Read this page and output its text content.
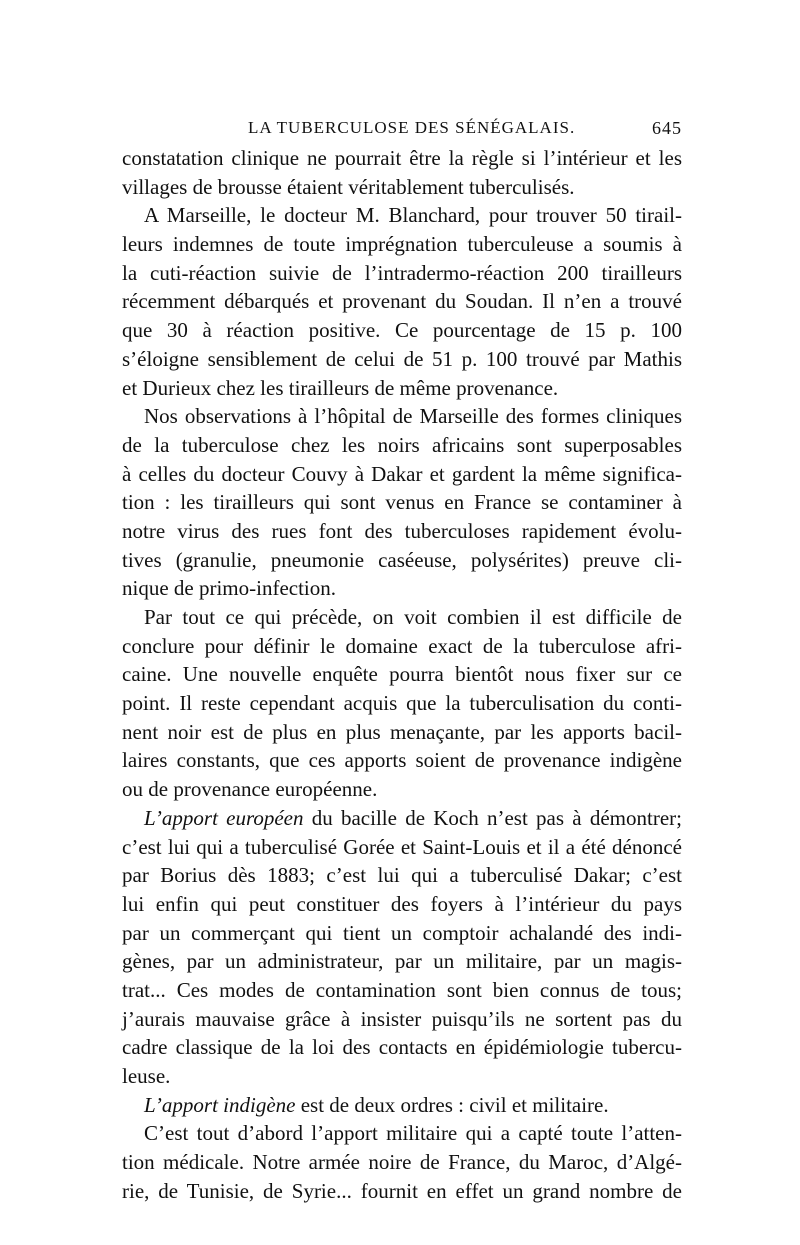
LA TUBERCULOSE DES SÉNÉGALAIS.	645
constatation clinique ne pourrait être la règle si l’intérieur et les
villages de brousse étaient véritablement tuberculisés.
A Marseille, le docteur M. Blanchard, pour trouver 50 tirail-
leurs indemnes de toute imprégnation tuberculeuse a soumis à
la cuti-réaction suivie de l’intradermo-réaction 200 tirailleurs
récemment débarqués et provenant du Soudan. Il n’en a trouvé
que 30 à réaction positive. Ce pourcentage de 15 p. 100
s’éloigne sensiblement de celui de 51 p. 100 trouvé par Mathis
et Durieux chez les tirailleurs de même provenance.
Nos observations à l’hôpital de Marseille des formes cliniques
de la tuberculose chez les noirs africains sont superposables
à celles du docteur Couvy à Dakar et gardent la même significa-
tion : les tirailleurs qui sont venus en France se contaminer à
notre virus des rues font des tuberculoses rapidement évolu-
tives (granulie, pneumonie caséeuse, polysérites) preuve cli-
nique de primo-infection.
Par tout ce qui précède, on voit combien il est difficile de
conclure pour définir le domaine exact de la tuberculose afri-
caine. Une nouvelle enquête pourra bientôt nous fixer sur ce
point. Il reste cependant acquis que la tuberculisation du conti-
nent noir est de plus en plus menaçante, par les apports bacil-
laires constants, que ces apports soient de provenance indigène
ou de provenance européenne.
L’apport européen du bacille de Koch n’est pas à démontrer;
c’est lui qui a tuberculisé Gorée et Saint-Louis et il a été dénoncé
par Borius dès 1883; c’est lui qui a tuberculisé Dakar; c’est
lui enfin qui peut constituer des foyers à l’intérieur du pays
par un commerçant qui tient un comptoir achalandé des indi-
gènes, par un administrateur, par un militaire, par un magis-
trat... Ces modes de contamination sont bien connus de tous;
j’aurais mauvaise grâce à insister puisqu’ils ne sortent pas du
cadre classique de la loi des contacts en épidémiologie tubercu-
leuse.
L’apport indigène est de deux ordres : civil et militaire.
C’est tout d’abord l’apport militaire qui a capté toute l’atten-
tion médicale. Notre armée noire de France, du Maroc, d’Algé-
rie, de Tunisie, de Syrie... fournit en effet un grand nombre de
